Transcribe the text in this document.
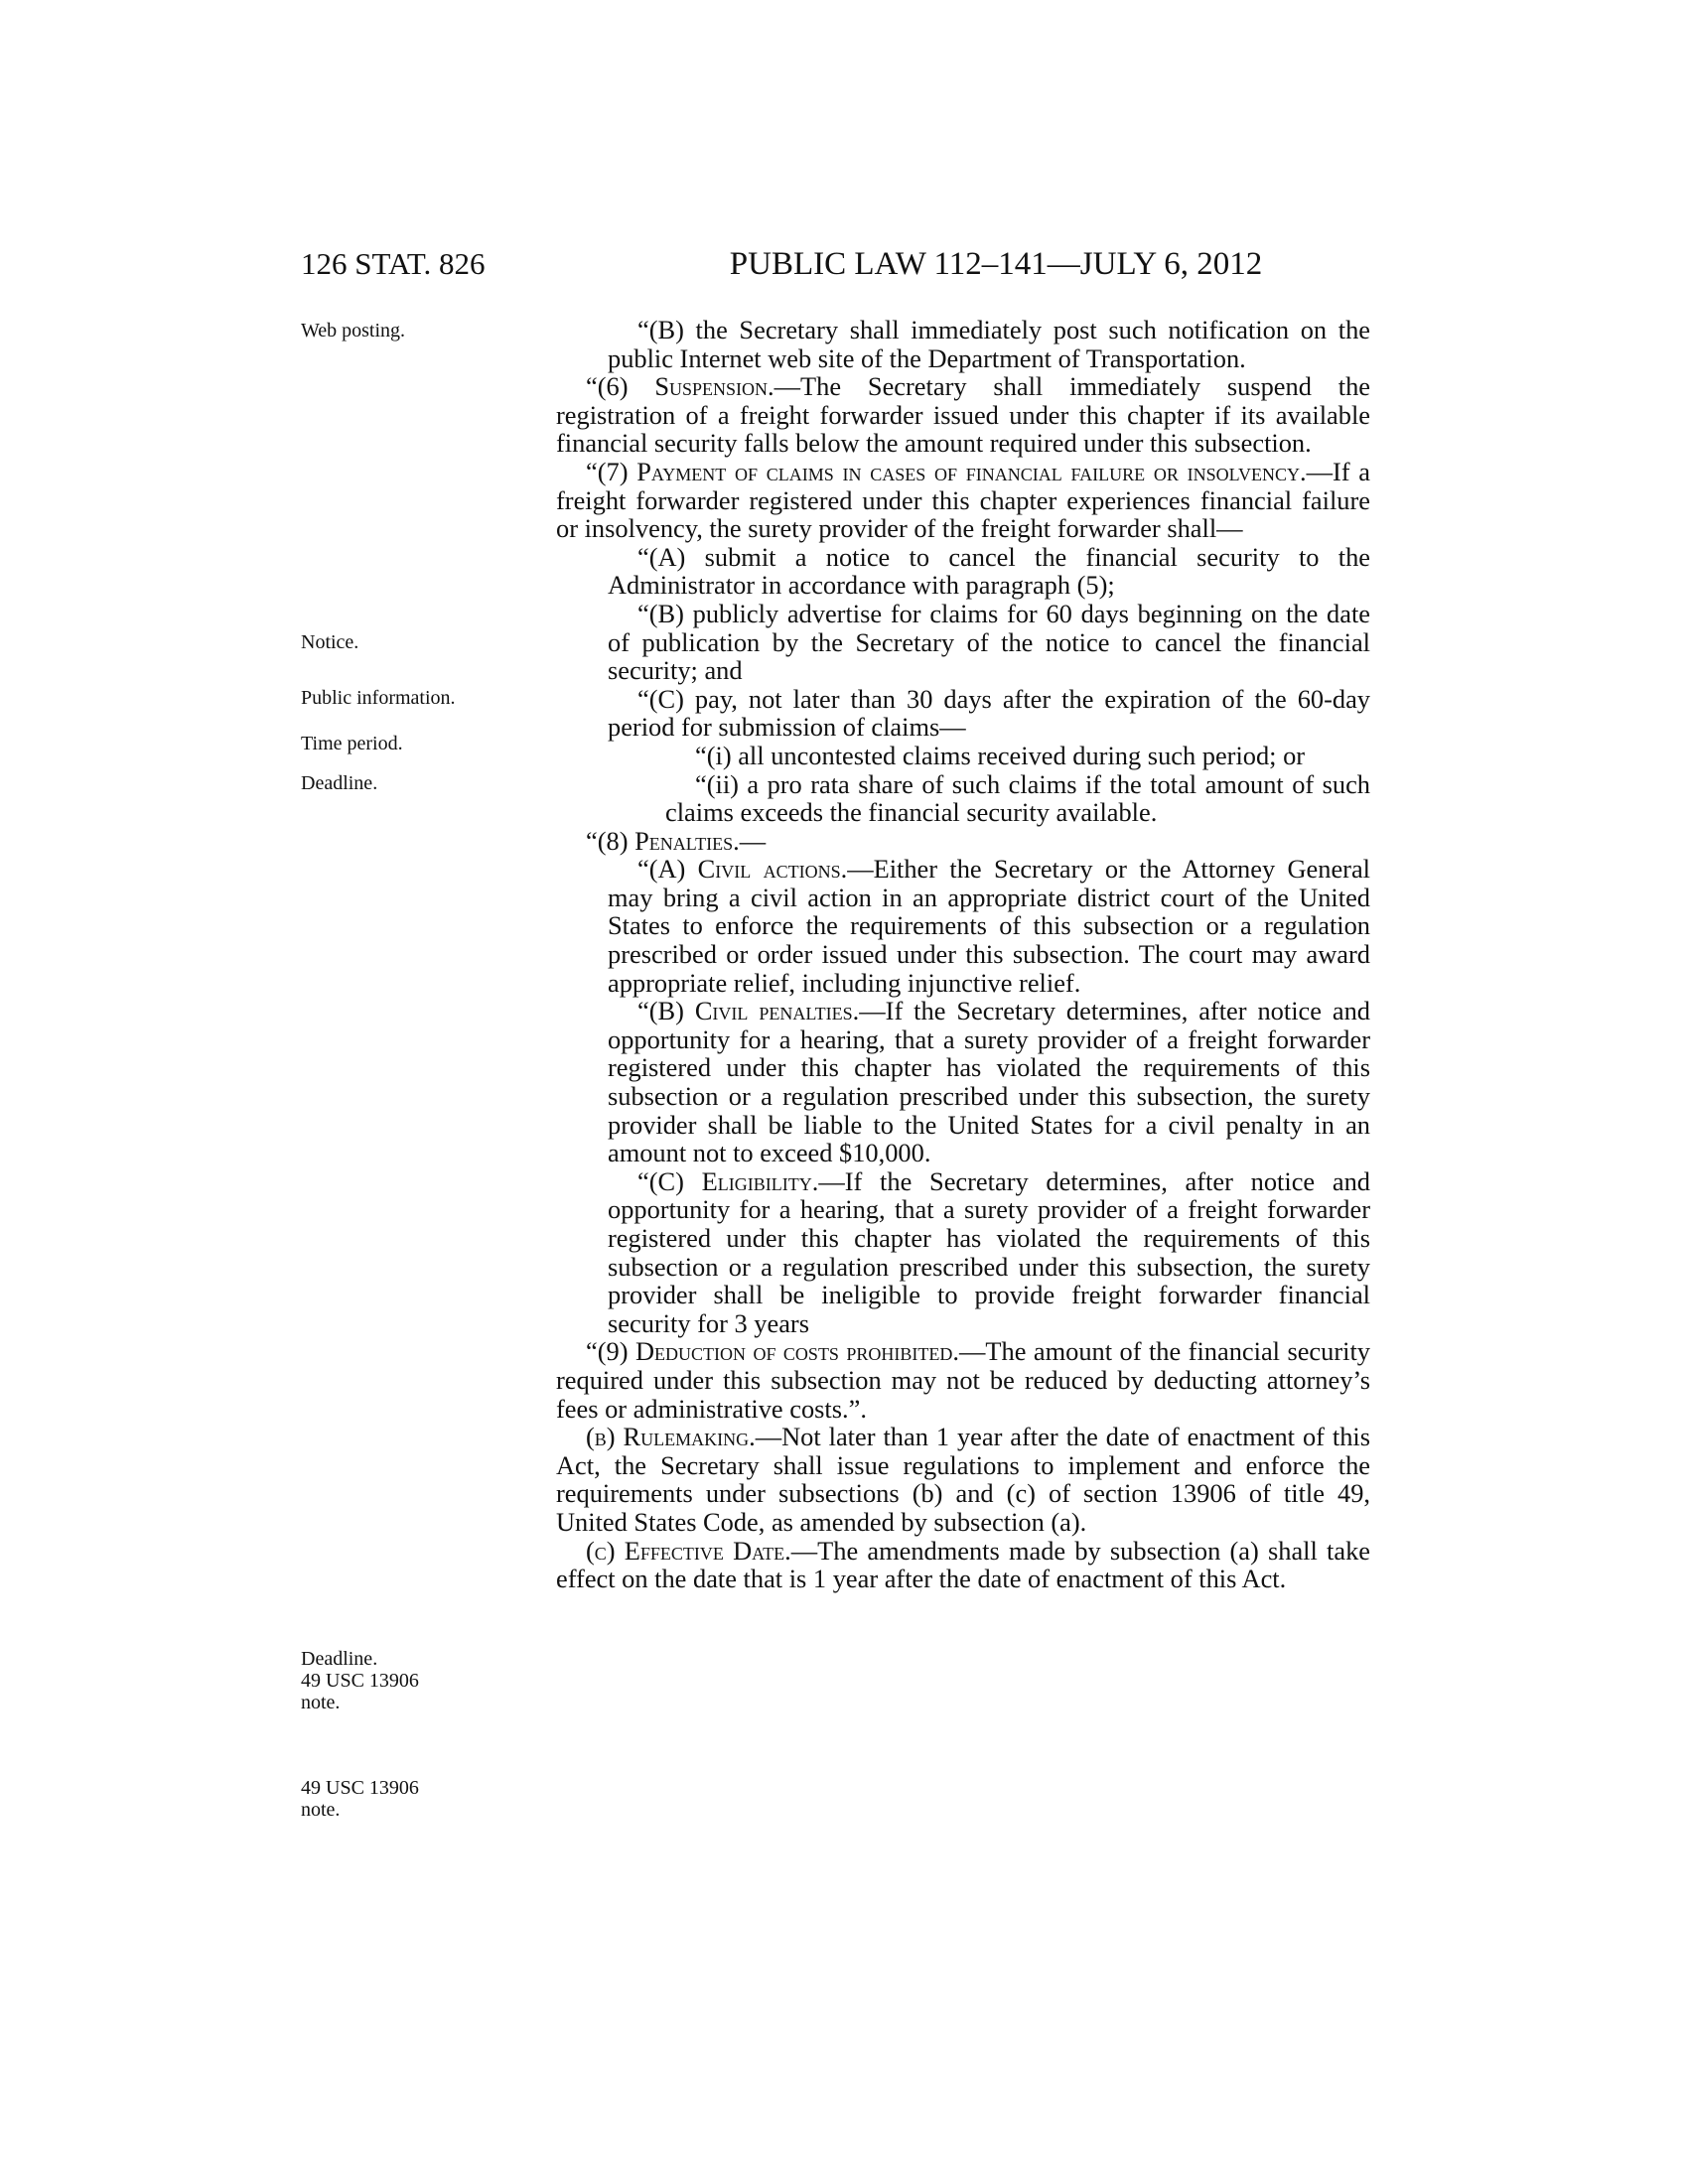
126 STAT. 826	PUBLIC LAW 112–141—JULY 6, 2012
Web posting.
Notice.
Public information.
Time period.
Deadline.
Deadline.
49 USC 13906
note.
49 USC 13906
note.

“(B) the Secretary shall immediately post such notification on the public Internet web site of the Department of Transportation.

“(6) Suspension.—The Secretary shall immediately suspend the registration of a freight forwarder issued under this chapter if its available financial security falls below the amount required under this subsection.

“(7) Payment of claims in cases of financial failure or insolvency.—If a freight forwarder registered under this chapter experiences financial failure or insolvency, the surety provider of the freight forwarder shall—

“(A) submit a notice to cancel the financial security to the Administrator in accordance with paragraph (5);

“(B) publicly advertise for claims for 60 days beginning on the date of publication by the Secretary of the notice to cancel the financial security; and

“(C) pay, not later than 30 days after the expiration of the 60-day period for submission of claims—

“(i) all uncontested claims received during such period; or

“(ii) a pro rata share of such claims if the total amount of such claims exceeds the financial security available.

“(8) Penalties.—

“(A) Civil actions.—Either the Secretary or the Attorney General may bring a civil action in an appropriate district court of the United States to enforce the requirements of this subsection or a regulation prescribed or order issued under this subsection. The court may award appropriate relief, including injunctive relief.

“(B) Civil penalties.—If the Secretary determines, after notice and opportunity for a hearing, that a surety provider of a freight forwarder registered under this chapter has violated the requirements of this subsection or a regulation prescribed under this subsection, the surety provider shall be liable to the United States for a civil penalty in an amount not to exceed $10,000.

“(C) Eligibility.—If the Secretary determines, after notice and opportunity for a hearing, that a surety provider of a freight forwarder registered under this chapter has violated the requirements of this subsection or a regulation prescribed under this subsection, the surety provider shall be ineligible to provide freight forwarder financial security for 3 years

“(9) Deduction of costs prohibited.—The amount of the financial security required under this subsection may not be reduced by deducting attorney’s fees or administrative costs.”.

(b) Rulemaking.—Not later than 1 year after the date of enactment of this Act, the Secretary shall issue regulations to implement and enforce the requirements under subsections (b) and (c) of section 13906 of title 49, United States Code, as amended by subsection (a).

(c) Effective Date.—The amendments made by subsection (a) shall take effect on the date that is 1 year after the date of enactment of this Act.
